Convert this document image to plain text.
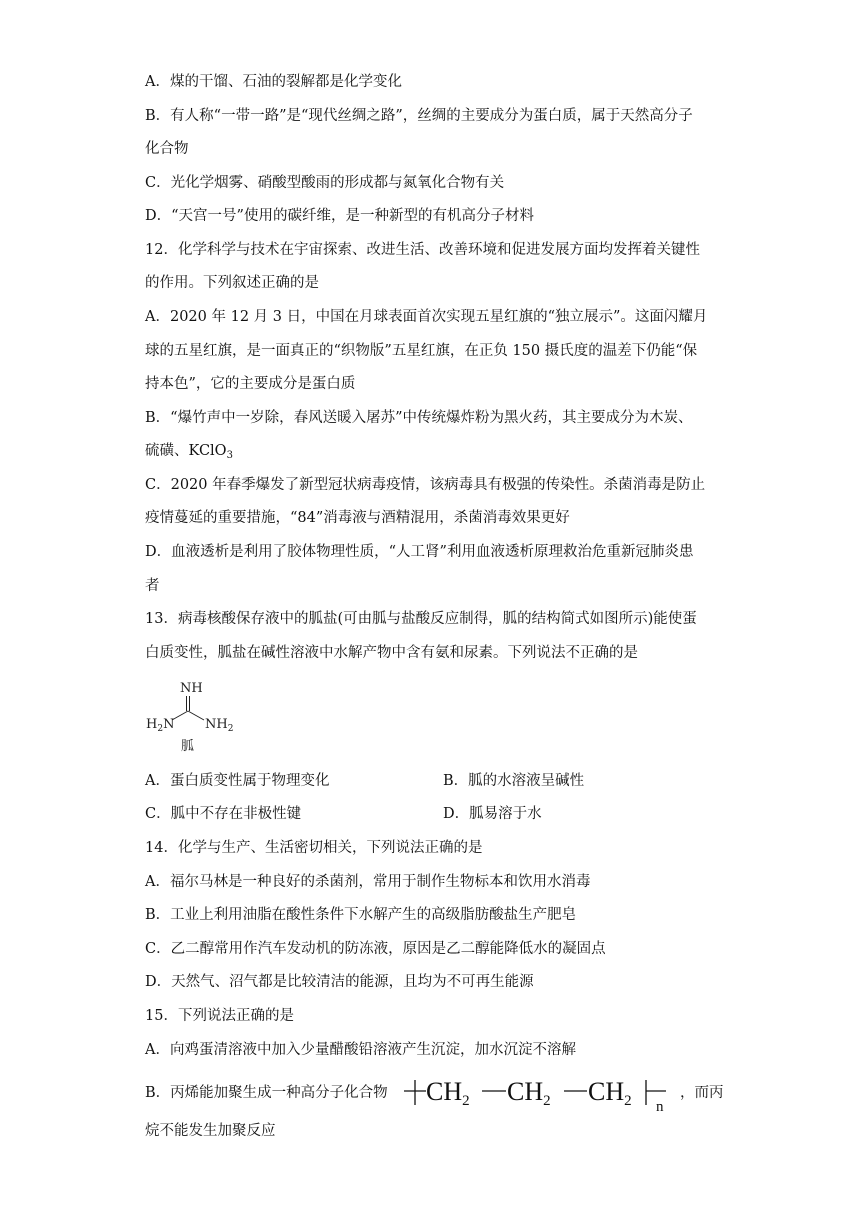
A．煤的干馏、石油的裂解都是化学变化
B．有人称“一带一路”是“现代丝绸之路”，丝绸的主要成分为蛋白质，属于天然高分子
化合物
C．光化学烟雾、硝酸型酸雨的形成都与氮氧化合物有关
D．“天宫一号”使用的碳纤维，是一种新型的有机高分子材料
12．化学科学与技术在宇宙探索、改进生活、改善环境和促进发展方面均发挥着关键性
的作用。下列叙述正确的是
A．2020 年 12 月 3 日，中国在月球表面首次实现五星红旗的“独立展示”。这面闪耀月
球的五星红旗，是一面真正的“织物版”五星红旗，在正负 150 摄氏度的温差下仍能“保
持本色”，它的主要成分是蛋白质
B．“爆竹声中一岁除，春风送暖入屠苏”中传统爆炸粉为黑火药，其主要成分为木炭、
硫磺、KClO$_3$
C．2020 年春季爆发了新型冠状病毒疫情，该病毒具有极强的传染性。杀菌消毒是防止
疫情蔓延的重要措施，“84”消毒液与酒精混用，杀菌消毒效果更好
D．血液透析是利用了胶体物理性质，“人工肾”利用血液透析原理救治危重新冠肺炎患
者
13．病毒核酸保存液中的胍盐(可由胍与盐酸反应制得，胍的结构简式如图所示)能使蛋
白质变性，胍盐在碱性溶液中水解产物中含有氨和尿素。下列说法不正确的是
NH
$H_2N$ $NH_2$
胍
A．蛋白质变性属于物理变化	B．胍的水溶液呈碱性
C．胍中不存在非极性键	D．胍易溶于水
14．化学与生产、生活密切相关，下列说法正确的是
A．福尔马林是一种良好的杀菌剂，常用于制作生物标本和饮用水消毒
B．工业上利用油脂在酸性条件下水解产生的高级脂肪酸盐生产肥皂
C．乙二醇常用作汽车发动机的防冻液，原因是乙二醇能降低水的凝固点
D．天然气、沼气都是比较清洁的能源，且均为不可再生能源
15．下列说法正确的是
A．向鸡蛋清溶液中加入少量醋酸铅溶液产生沉淀，加水沉淀不溶解
B．丙烯能加聚生成一种高分子化合物 CH2 CH2 CH2 n
，而丙
烷不能发生加聚反应
